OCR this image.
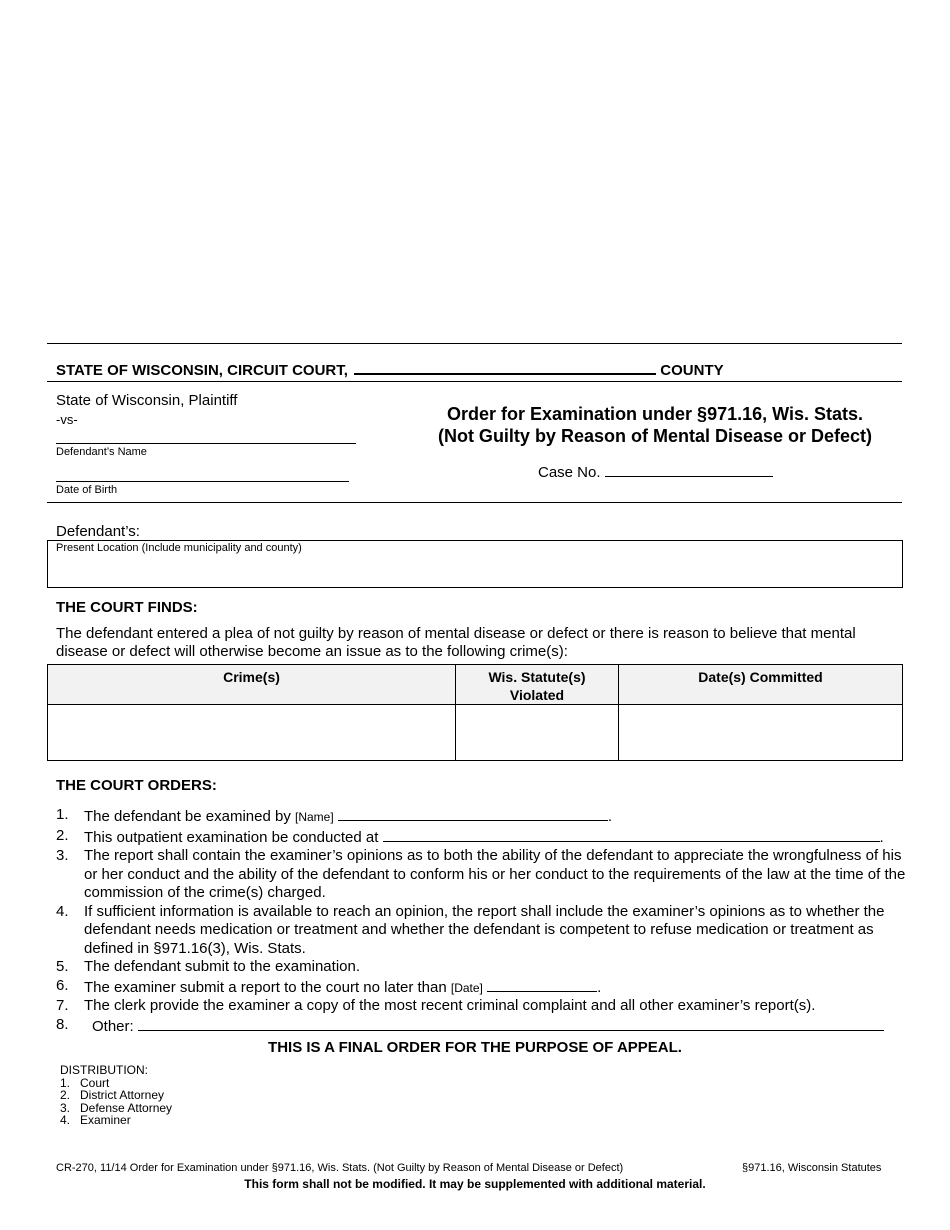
STATE OF WISCONSIN, CIRCUIT COURT,	COUNTY
State of Wisconsin, Plaintiff
-vs-
Defendant’s Name
Date of Birth
Order for Examination under §971.16, Wis. Stats.
(Not Guilty by Reason of Mental Disease or Defect)
Case No.
Defendant’s:
Present Location (Include municipality and county)
THE COURT FINDS:
The defendant entered a plea of not guilty by reason of mental disease or defect or there is reason to believe that mental disease or defect will otherwise become an issue as to the following crime(s):
Crime(s)	Wis. Statute(s) Violated	Date(s) Committed

THE COURT ORDERS:
1.	The defendant be examined by [Name]	.
2.	This outpatient examination be conducted at	.
3.	The report shall contain the examiner’s opinions as to both the ability of the defendant to appreciate the wrongfulness of his or her conduct and the ability of the defendant to conform his or her conduct to the requirements of the law at the time of the commission of the crime(s) charged.
4.	If sufficient information is available to reach an opinion, the report shall include the examiner’s opinions as to whether the defendant needs medication or treatment and whether the defendant is competent to refuse medication or treatment as defined in §971.16(3), Wis. Stats.
5.	The defendant submit to the examination.
6.	The examiner submit a report to the court no later than [Date]	.
7.	The clerk provide the examiner a copy of the most recent criminal complaint and all other examiner’s report(s).
8.	Other:
THIS IS A FINAL ORDER FOR THE PURPOSE OF APPEAL.
DISTRIBUTION:
1. Court
2. District Attorney
3. Defense Attorney
4. Examiner
CR-270, 11/14 Order for Examination under §971.16, Wis. Stats. (Not Guilty by Reason of Mental Disease or Defect)	§971.16, Wisconsin Statutes
This form shall not be modified. It may be supplemented with additional material.
